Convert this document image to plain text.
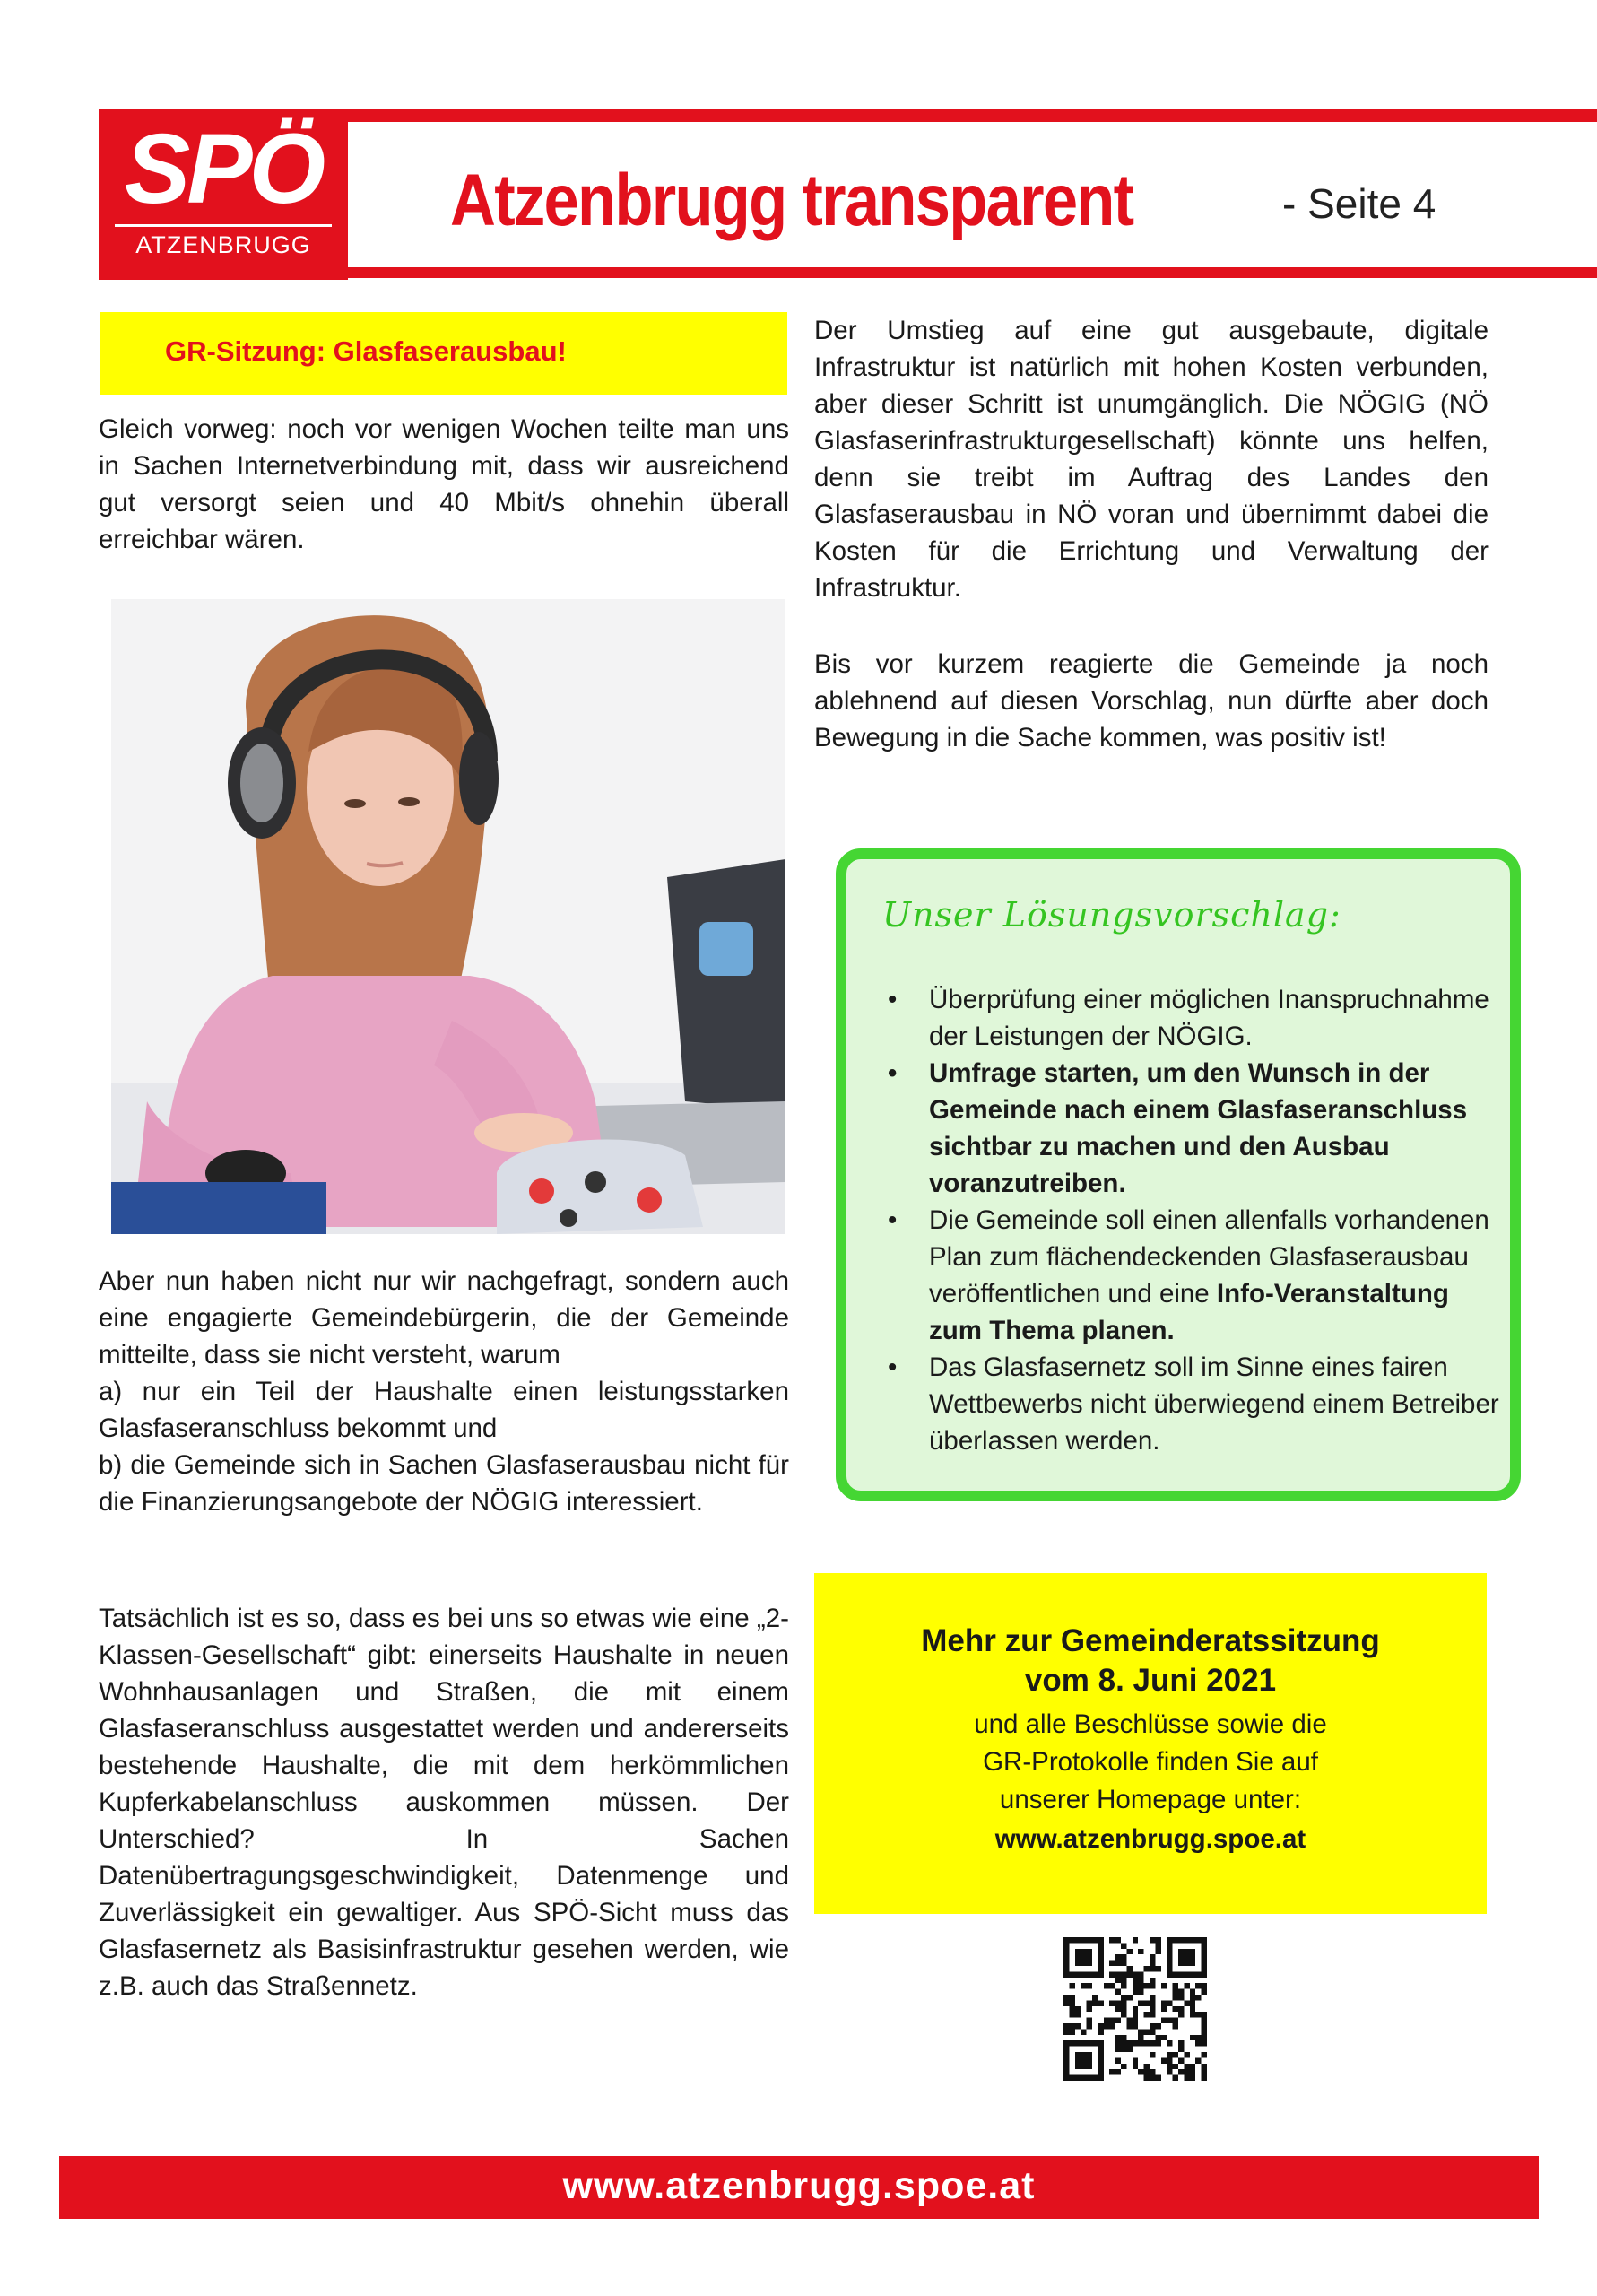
SPÖ
ATZENBRUGG
Atzenbrugg transparent	- Seite 4
GR-Sitzung: Glasfaserausbau!
Gleich vorweg: noch vor wenigen Wochen teilte man uns in Sachen Internetverbindung mit, dass wir ausreichend gut versorgt seien und 40 Mbit/s ohnehin überall erreichbar wären.

Aber nun haben nicht nur wir nachgefragt, sondern auch eine engagierte Gemeindebürgerin, die der Gemeinde mitteilte, dass sie nicht versteht, warum

a) nur ein Teil der Haushalte einen leistungsstarken Glasfaseranschluss bekommt und

b) die Gemeinde sich in Sachen Glasfaserausbau nicht für die Finanzierungsangebote der NÖGIG interessiert.

Tatsächlich ist es so, dass es bei uns so etwas wie eine „2-Klassen-Gesellschaft“ gibt: einerseits Haushalte in neuen Wohnhausanlagen und Straßen, die mit einem Glasfaseranschluss ausgestattet werden und andererseits bestehende Haushalte, die mit dem herkömmlichen Kupferkabelanschluss auskommen müssen. Der Unterschied? In Sachen Datenübertragungsgeschwindigkeit, Datenmenge und Zuverlässigkeit ein gewaltiger. Aus SPÖ-Sicht muss das Glasfasernetz als Basisinfrastruktur gesehen werden, wie z.B. auch das Straßennetz.
Der Umstieg auf eine gut ausgebaute, digitale Infrastruktur ist natürlich mit hohen Kosten verbunden, aber dieser Schritt ist unumgänglich. Die NÖGIG (NÖ Glasfaserinfrastrukturgesellschaft) könnte uns helfen, denn sie treibt im Auftrag des Landes den Glasfaserausbau in NÖ voran und übernimmt dabei die Kosten für die Errichtung und Verwaltung der Infrastruktur.
Bis vor kurzem reagierte die Gemeinde ja noch ablehnend auf diesen Vorschlag, nun dürfte aber doch Bewegung in die Sache kommen, was positiv ist!
Unser Lösungsvorschlag:
• Überprüfung einer möglichen Inanspruchnahme der Leistungen der NÖGIG.
• Umfrage starten, um den Wunsch in der Gemeinde nach einem Glasfaseranschluss sichtbar zu machen und den Ausbau voranzutreiben.
• Die Gemeinde soll einen allenfalls vorhandenen Plan zum flächendeckenden Glasfaserausbau veröffentlichen und eine Info-Veranstaltung zum Thema planen.
• Das Glasfasernetz soll im Sinne eines fairen Wettbewerbs nicht überwiegend einem Betreiber überlassen werden.
Mehr zur Gemeinderatssitzung
vom 8. Juni 2021
und alle Beschlüsse sowie die
GR-Protokolle finden Sie auf
unserer Homepage unter:
www.atzenbrugg.spoe.at
www.atzenbrugg.spoe.at
